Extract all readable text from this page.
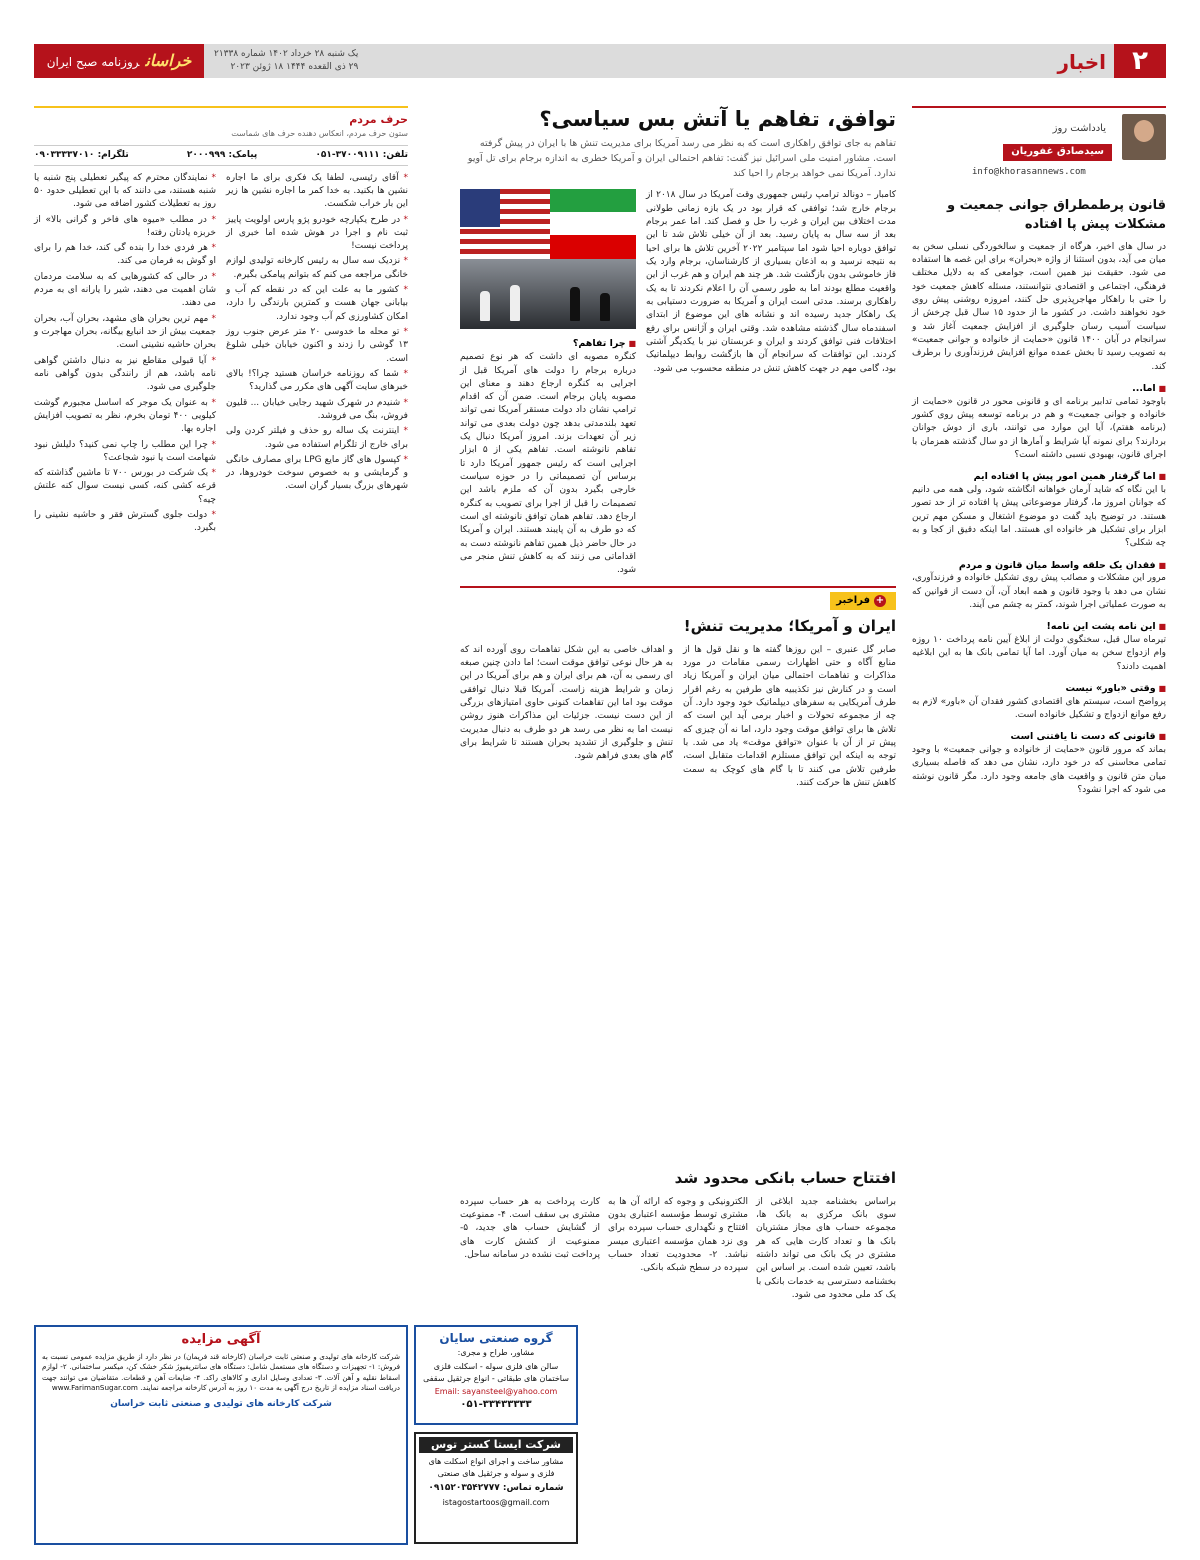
۲
اخبار
یک شنبه ۲۸ خرداد ۱۴۰۲ شماره ۲۱۳۳۸
۲۹ ذی القعده ۱۴۴۴ ۱۸ ژوئن ۲۰۲۳
خراسانروزنامه صبح ایران
یادداشت روز
سیدصادق غفوریان
info@khorasannews.com
قانون پرطمطراق جوانی جمعیت و مشکلات پیش پا افتاده

در سال های اخیر، هرگاه از جمعیت و سالخوردگی نسلی سخن به میان می آید، بدون استثنا از واژه «بحران» برای این غصه ها استفاده می شود. حقیقت نیز همین است، جوامعی که به دلایل مختلف فرهنگی، اجتماعی و اقتصادی نتوانستند، مسئله کاهش جمعیت خود را حتی با راهکار مهاجرپذیری حل کنند، امروزه روشنی پیش روی خود نخواهند داشت. در کشور ما از حدود ۱۵ سال قبل چرخش از سیاست آسیب رسان جلوگیری از افزایش جمعیت آغاز شد و سرانجام در آبان ۱۴۰۰ قانون «حمایت از خانواده و جوانی جمعیت» به تصویب رسید تا بخش عمده موانع افزایش فرزندآوری را برطرف کند.

■ اما...

باوجود تمامی تدابیر برنامه ای و قانونی محور در قانون «حمایت از خانواده و جوانی جمعیت» و هم در برنامه توسعه پیش روی کشور (برنامه هفتم)، آیا این موارد می توانند، باری از دوش جوانان بردارند؟ برای نمونه آیا شرایط و آمارها از دو سال گذشته همزمان با اجرای قانون، بهبودی نسبی داشته است؟

■ اما گرفتار همین امور پیش پا افتاده ایم

با این نگاه که شاید آرمان خواهانه انگاشته شود، ولی همه می دانیم که جوانان امروز ما، گرفتار موضوعاتی پیش پا افتاده تر از حد تصور هستند. در توضیح باید گفت دو موضوع اشتغال و مسکن مهم ترین ابزار برای تشکیل هر خانواده ای هستند. اما اینکه دقیق از کجا و به چه شکلی؟

■ فقدان یک حلقه واسط میان قانون و مردم

مرور این مشکلات و مصائب پیش روی تشکیل خانواده و فرزندآوری، نشان می دهد با وجود قانون و همه ابعاد آن، آن دست از قوانین که به صورت عملیاتی اجرا شوند، کمتر به چشم می آیند.

■ این نامه پشت این نامه!

تیرماه سال قبل، سخنگوی دولت از ابلاغ آیین نامه پرداخت ۱۰ روزه وام ازدواج سخن به میان آورد. اما آیا تمامی بانک ها به این ابلاغیه اهمیت دادند؟

■ وقتی «باور» نیست

پرواضح است، سیستم های اقتصادی کشور فقدان آن «باور» لازم به رفع موانع ازدواج و تشکیل خانواده است.

■ قانونی که دست نا یافتنی است

بماند که مرور قانون «حمایت از خانواده و جوانی جمعیت» با وجود تمامی محاسنی که در خود دارد، نشان می دهد که فاصله بسیاری میان متن قانون و واقعیت های جامعه وجود دارد. مگر قانون نوشته می شود که اجرا نشود؟

توافق، تفاهم یا آتش بس سیاسی؟

تفاهم به جای توافق راهکاری است که به نظر می رسد آمریکا برای مدیریت تنش ها با ایران در پیش گرفته است. مشاور امنیت ملی اسرائیل نیز گفت: تفاهم احتمالی ایران و آمریکا خطری به اندازه برجام برای تل آویو ندارد. آمریکا نمی خواهد برجام را احیا کند

کامبار – دونالد ترامپ رئیس جمهوری وقت آمریکا در سال ۲۰۱۸ از برجام خارج شد؛ توافقی که قرار بود در یک بازه زمانی طولانی مدت اختلاف بین ایران و غرب را حل و فصل کند. اما عمر برجام بعد از سه سال به پایان رسید. بعد از آن خیلی تلاش شد تا این توافق دوباره احیا شود اما سپتامبر ۲۰۲۲ آخرین تلاش ها برای احیا به نتیجه نرسید و به اذعان بسیاری از کارشناسان، برجام وارد یک فاز خاموشی بدون بازگشت شد. هر چند هم ایران و هم غرب از این واقعیت مطلع بودند اما به طور رسمی آن را اعلام نکردند تا به یک راهکاری برسند. مدتی است ایران و آمریکا به ضرورت دستیابی به یک راهکار جدید رسیده اند و نشانه های این موضوع از ابتدای اسفندماه سال گذشته مشاهده شد. وقتی ایران و آژانس برای رفع اختلافات فنی توافق کردند و ایران و عربستان نیز با یکدیگر آشتی کردند. این توافقات که سرانجام آن ها بازگشت روابط دیپلماتیک بود، گامی مهم در جهت کاهش تنش در منطقه محسوب می شود.

■ چرا تفاهم؟

کنگره مصوبه ای داشت که هر نوع تصمیم درباره برجام را دولت های آمریکا قبل از اجرایی به کنگره ارجاع دهند و معنای این مصوبه پایان برجام است. ضمن آن که اقدام ترامپ نشان داد دولت مستقر آمریکا نمی تواند تعهد بلندمدتی بدهد چون دولت بعدی می تواند زیر آن تعهدات بزند. امروز آمریکا دنبال یک تفاهم نانوشته است. تفاهم یکی از ۵ ابزار اجرایی است که رئیس جمهور آمریکا دارد تا برساس آن تصمیماتی را در حوزه سیاست خارجی بگیرد بدون آن که ملزم باشد این تصمیمات را قبل از اجرا برای تصویب به کنگره ارجاع دهد. تفاهم همان توافق نانوشته ای است که دو طرف به آن پایبند هستند. ایران و آمریکا در حال حاضر ذیل همین تفاهم نانوشته دست به اقداماتی می زنند که به کاهش تنش منجر می شود.

+فراخبر
ایران و آمریکا؛ مدیریت تنش!

صابر گل عنبری – این روزها گفته ها و نقل قول ها از منابع آگاه و حتی اظهارات رسمی مقامات در مورد مذاکرات و تفاهمات احتمالی میان ایران و آمریکا زیاد است و در کنارش نیز تکذیبیه های طرفین به رغم اقرار طرف آمریکایی به سفرهای دیپلماتیک خود وجود دارد. آن چه از مجموعه تحولات و اخبار برمی آید این است که تلاش ها برای توافق موقت وجود دارد، اما نه آن چیزی که پیش تر از آن با عنوان «توافق موقت» یاد می شد. با توجه به اینکه این توافق مستلزم اقدامات متقابل است، طرفین تلاش می کنند تا با گام های کوچک به سمت کاهش تنش ها حرکت کنند.

و اهداف خاصی به این شکل تفاهمات روی آورده اند که به هر حال نوعی توافق موقت است؛ اما دادن چنین صبغه ای رسمی به آن، هم برای ایران و هم برای آمریکا در این زمان و شرایط هزینه زاست. آمریکا قبلا دنبال توافقی موقت بود اما این تفاهمات کنونی حاوی امتیازهای بزرگی از این دست نیست. جزئیات این مذاکرات هنوز روشن نیست اما به نظر می رسد هر دو طرف به دنبال مدیریت تنش و جلوگیری از تشدید بحران هستند تا شرایط برای گام های بعدی فراهم شود.

افتتاح حساب بانکی محدود شد

براساس بخشنامه جدید ابلاغی از سوی بانک مرکزی به بانک ها، مجموعه حساب های مجاز مشتریان بانک ها و تعداد کارت هایی که هر مشتری در یک بانک می تواند داشته باشد، تعیین شده است. بر اساس این بخشنامه دسترسی به خدمات بانکی با یک کد ملی محدود می شود.

الکترونیکی و وجوه که ارائه آن ها به مشتری توسط مؤسسه اعتباری بدون افتتاح و نگهداری حساب سپرده برای وی نزد همان مؤسسه اعتباری میسر نباشد. ۲- محدودیت تعداد حساب سپرده در سطح شبکه بانکی.

کارت پرداخت به هر حساب سپرده مشتری بی سقف است. ۴- ممنوعیت از گشایش حساب های جدید، ۵- ممنوعیت از کشش کارت های پرداخت ثبت نشده در سامانه ساحل.

حرف مردم
ستون حرف مردم، انعکاس دهنده حرف های شماست
تلفن: ۳۷۰۰۹۱۱۱-۰۵۱
پیامک: ۲۰۰۰۹۹۹
تلگرام: ۰۹۰۳۳۳۳۷۰۱۰

* آقای رئیسی، لطفا یک فکری برای ما اجاره نشین ها بکنید. به خدا کمر ما اجاره نشین ها زیر این بار خراب شکست.

* در طرح یکپارچه خودرو پژو پارس اولویت پاییز ثبت نام و اجرا در هوش شده اما خبری از پرداخت نیست!

* نزدیک سه سال به رئیس کارخانه تولیدی لوازم خانگی مراجعه می کنم که بتوانم پیامکی بگیرم.

* کشور ما به علت این که در نقطه کم آب و بیابانی جهان هست و کمترین بارندگی را دارد، امکان کشاورزی کم آب وجود ندارد.

* تو محله ما خدوسی ۲۰ متر عرض جنوب روز ۱۳ گوشی را زدند و اکنون خیابان خیلی شلوغ است.

* شما که روزنامه خراسان هستید چرا؟! بالای خبرهای سایت آگهی های مکرر می گذارید؟

* شنیدم در شهرک شهید رجایی خیابان ... قلیون فروش، بنگ می فروشد.

* اینترنت یک ساله رو حذف و فیلتر کردن ولی برای خارج از تلگرام استفاده می شود.

* کپسول های گاز مایع LPG برای مصارف خانگی و گرمایشی و به خصوص سوخت خودروها، در شهرهای بزرگ بسیار گران است.

* نمایندگان محترم که پیگیر تعطیلی پنج شنبه یا شنبه هستند، می دانند که با این تعطیلی حدود ۵۰ روز به تعطیلات کشور اضافه می شود.

* در مطلب «میوه های فاخر و گرانی بالا» از خربزه یادتان رفته!

* هر فردی خدا را بنده گی کند، خدا هم را برای او گوش به فرمان می کند.

* در حالی که کشورهایی که به سلامت مردمان شان اهمیت می دهند، شیر را یارانه ای به مردم می دهند.

* مهم ترین بحران های مشهد، بحران آب، بحران جمعیت بیش از حد انبایع بیگانه، بحران مهاجرت و بحران حاشیه نشینی است.

* آیا قبولی مقاطع نیز به دنبال داشتن گواهی نامه باشد، هم از رانندگی بدون گواهی نامه جلوگیری می شود.

* به عنوان یک موجر که اساسل مجبورم گوشت کیلویی ۴۰۰ تومان بخرم، نظر به تصویب افزایش اجاره بها.

* چرا این مطلب را چاپ نمی کنید؟ دلیلش نبود شهامت است یا نبود شجاعت؟

* یک شرکت در بورس ۷۰۰ تا ماشین گذاشته که قرعه کشی کنه، کسی نیست سوال کنه علتش چیه؟

* دولت جلوی گسترش فقر و حاشیه نشینی را بگیرد.

آگهی مزایده
شرکت کارخانه های تولیدی و صنعتی ثابت خراسان (کارخانه قند فریمان) در نظر دارد از طریق مزایده عمومی نسبت به فروش: ۱- تجهیزات و دستگاه های مستعمل شامل: دستگاه های سانتریفیوژ شکر خشک کن، میکسر ساختمانی. ۲- لوازم اسقاط نقلیه و آهن آلات. ۳- تعدادی وسایل اداری و کالاهای راکد. ۴- ضایعات آهن و قطعات. متقاضیان می توانند جهت دریافت اسناد مزایده از تاریخ درج آگهی به مدت ۱۰ روز به آدرس کارخانه مراجعه نمایند. www.FarimanSugar.com
شرکت کارخانه های تولیدی و صنعتی ثابت خراسان
گروه صنعتی سایان
مشاور، طراح و مجری:
سالن های فلزی سوله - اسکلت فلزی ساختمان های طبقاتی - انواع جرثقیل سقفی
Email: sayansteel@yahoo.com
۰۵۱-۳۳۴۳۳۳۳۳
شرکت ایستا کستر توس
مشاور ساخت و اجرای انواع اسکلت های فلزی و سوله و جرثقیل های صنعتی
شماره تماس: ۰۹۱۵۲۰۳۵۴۲۷۷۷
istagostartoos@gmail.com
